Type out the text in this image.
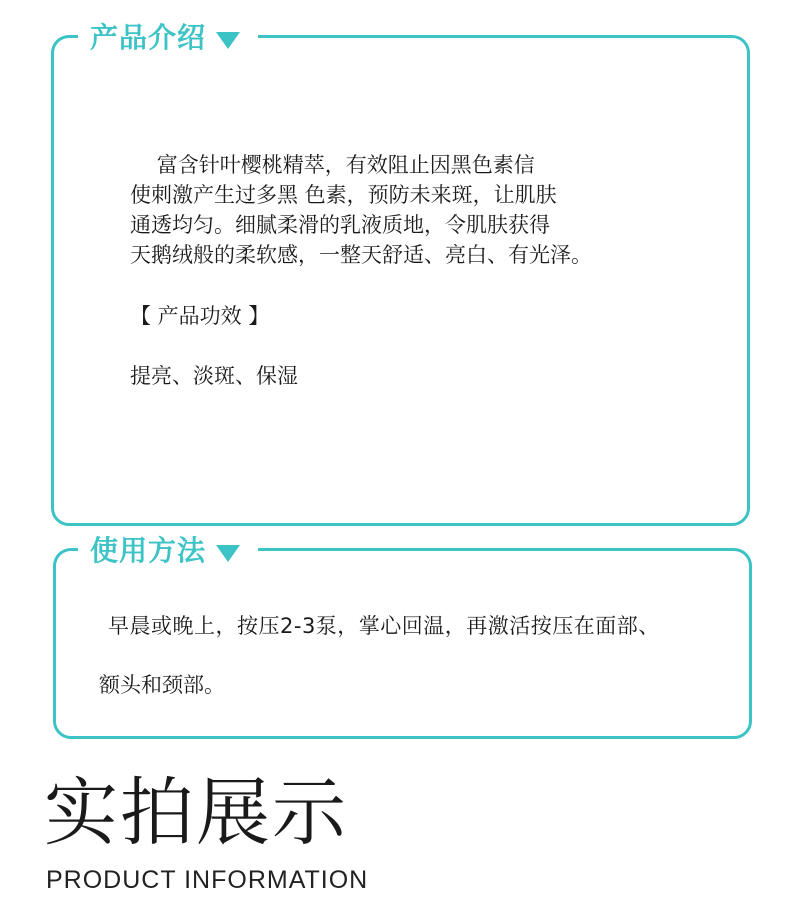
产品介绍
富含针叶樱桃精萃，有效阻止因黑色素信
使刺激产生过多黑 色素，预防未来斑，让肌肤
通透均匀。细腻柔滑的乳液质地，令肌肤获得
天鹅绒般的柔软感，一整天舒适、亮白、有光泽。
【 产品功效 】
提亮、淡斑、保湿
使用方法
早晨或晚上，按压2-3泵，掌心回温，再激活按压在面部、
额头和颈部。
实拍展示
PRODUCT INFORMATION
